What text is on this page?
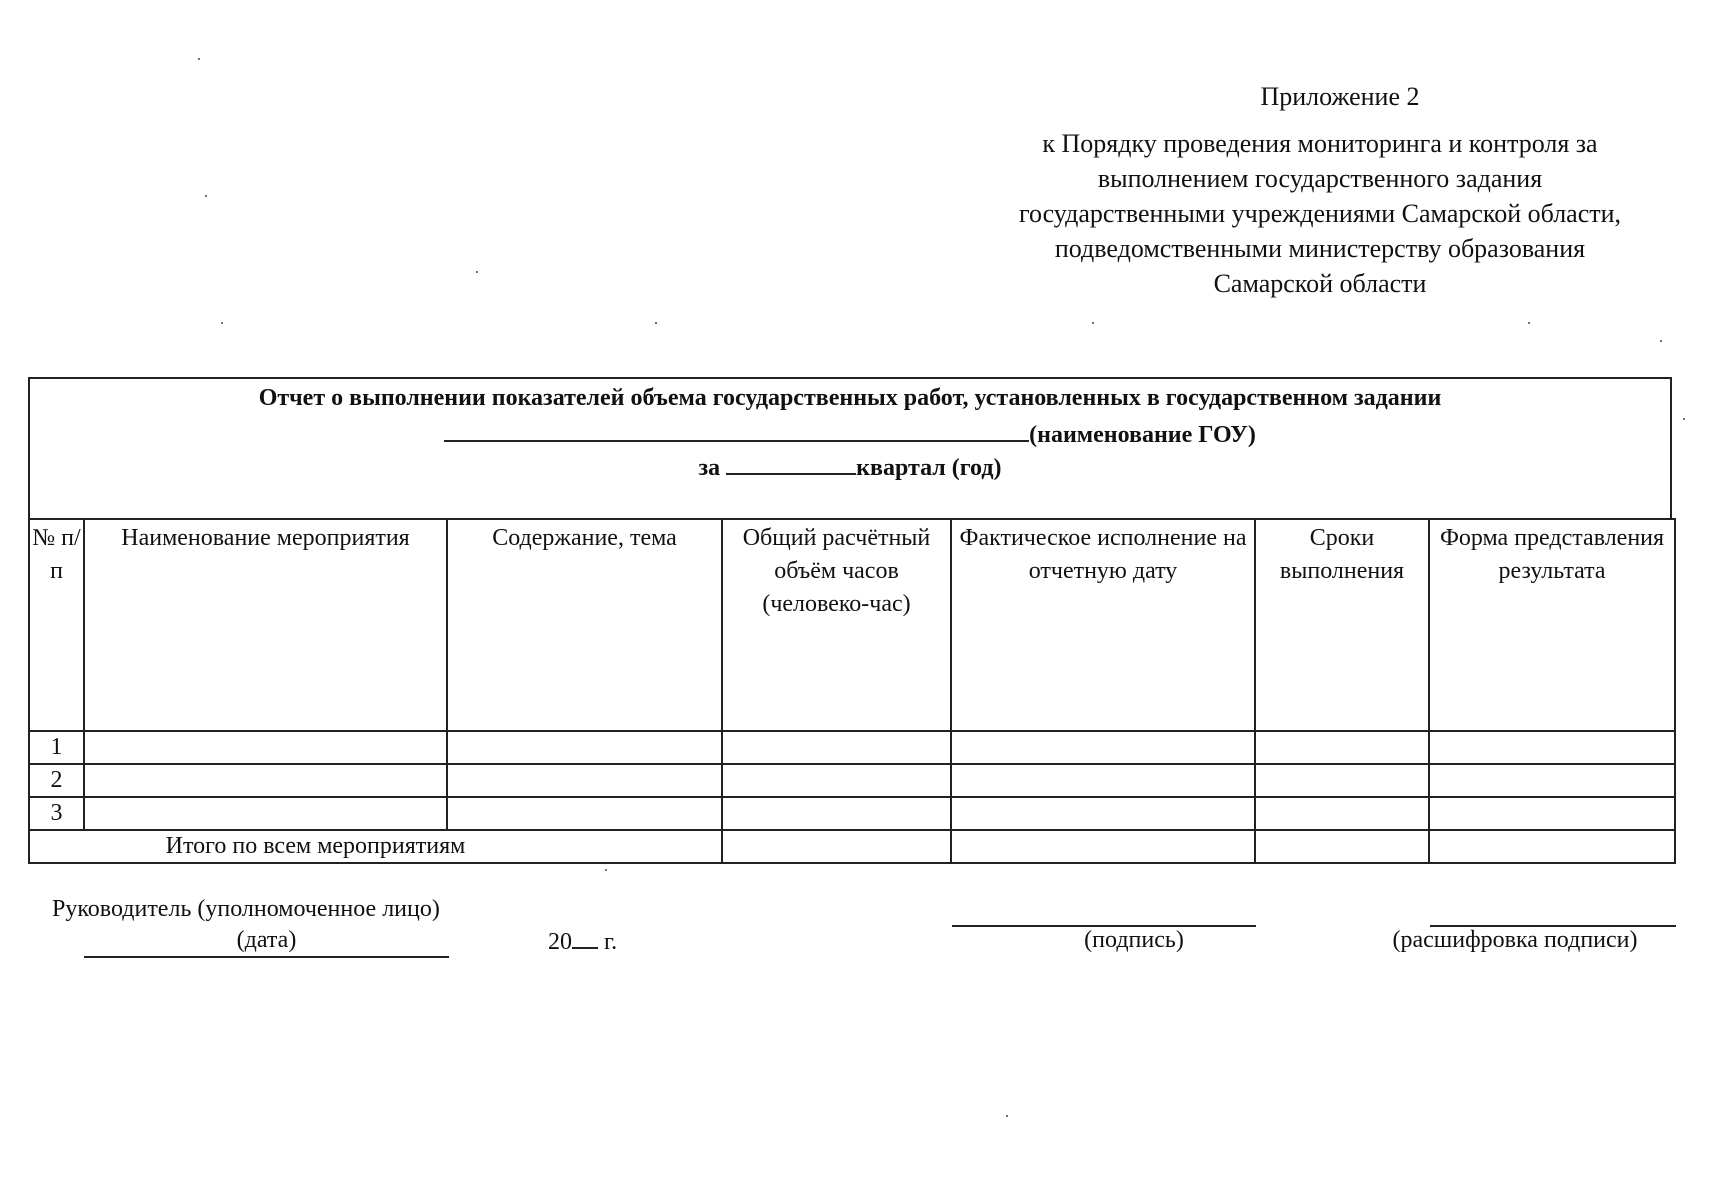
Приложение 2
к Порядку проведения мониторинга и контроля за
выполнением государственного задания
государственными учреждениями Самарской области,
подведомственными министерству образования
Самарской области
Отчет о выполнении показателей объема государственных работ, установленных в государственном задании
(наименование ГОУ)
за	квартал (год)
№ п/п	Наименование мероприятия	Содержание, тема	Общий расчётный объём часов (человеко-час)	Фактическое исполнение на отчетную дату	Сроки выполнения	Форма представления результата
1						
2						
3						
Итого по всем мероприятиям						
Руководитель (уполномоченное лицо)
(дата)	20 г.	(подпись)	(расшифровка подписи)
